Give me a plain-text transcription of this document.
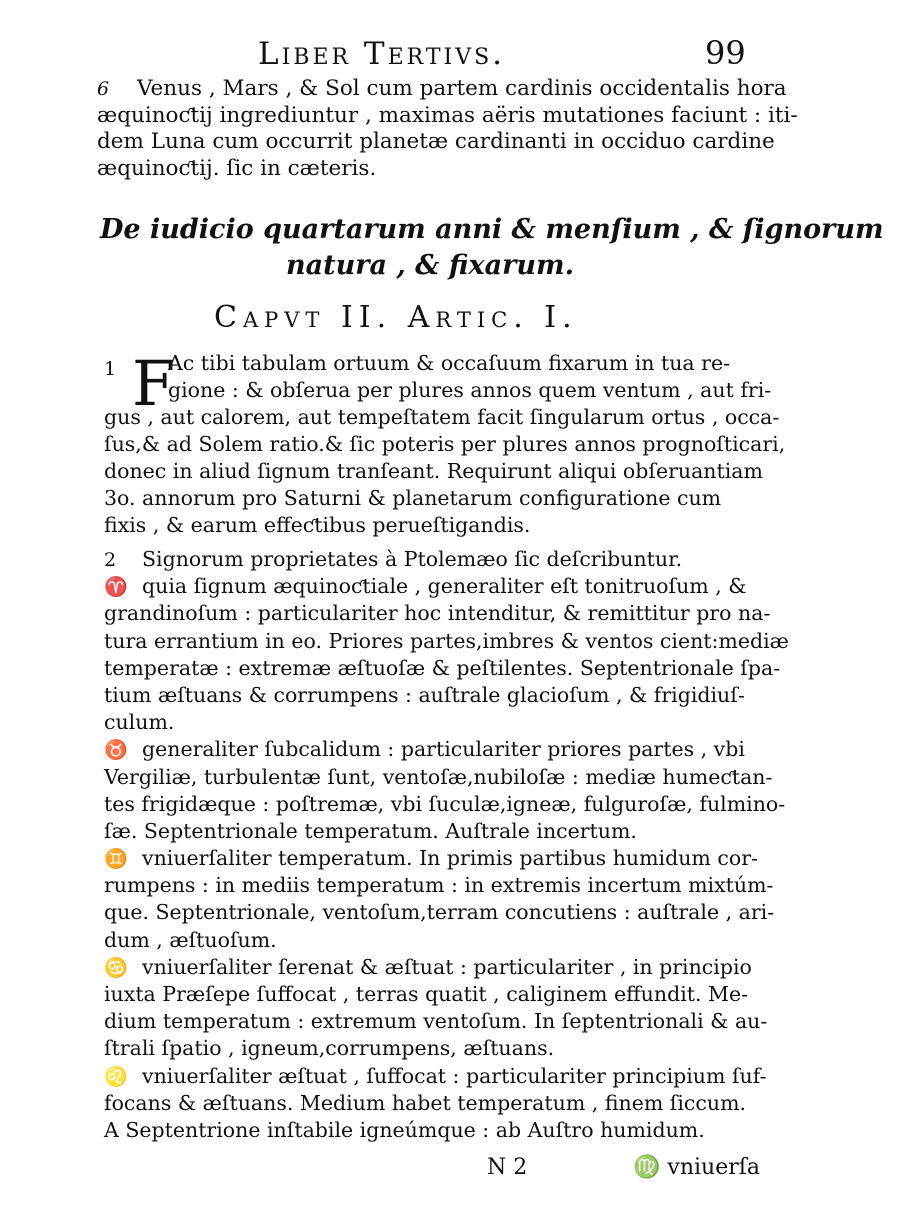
Liber Tertivs.	99
6 Venus , Mars , & Sol cum partem cardinis occidentalis hora
æquinoƈtij ingrediuntur , maximas aëris mutationes faciunt : iti-
dem Luna cum occurrit planetæ cardinanti in occiduo cardine
æquinoƈtij. ſic in cæteris.
De iudicio quartarum anni & menſium , & ſignorum
natura , & fixarum.
Capvt II. Artic. I.
1 F
Ac tibi tabulam ortuum & occaſuum fixarum in tua re-
gione : & obſerua per plures annos quem ventum , aut fri-
gus , aut calorem, aut tempeſtatem facit ſingularum ortus , occa-
ſus,& ad Solem ratio.& ſic poteris per plures annos prognoſticari,
donec in aliud ſignum tranſeant. Requirunt aliqui obſeruantiam
3o. annorum pro Saturni & planetarum configuratione cum
fixis , & earum effeƈtibus perueſtigandis.
2 Signorum proprietates à Ptolemæo ſic deſcribuntur.
♈ quia ſignum æquinoƈtiale , generaliter eſt tonitruoſum , &
grandinoſum : particulariter hoc intenditur, & remittitur pro na-
tura errantium in eo. Priores partes,imbres & ventos cient:mediæ
temperatæ : extremæ æſtuoſæ & peſtilentes. Septentrionale ſpa-
tium æſtuans & corrumpens : auſtrale glacioſum , & frigidiuſ-
culum.
♉ generaliter ſubcalidum : particulariter priores partes , vbi
Vergiliæ, turbulentæ ſunt, ventoſæ,nubiloſæ : mediæ humeƈtan-
tes frigidæque : poſtremæ, vbi ſuculæ,igneæ, fulguroſæ, fulmino-
ſæ. Septentrionale temperatum. Auſtrale incertum.
♊ vniuerſaliter temperatum. In primis partibus humidum cor-
rumpens : in mediis temperatum : in extremis incertum mixtúm-
que. Septentrionale, ventoſum,terram concutiens : auſtrale , ari-
dum , æſtuoſum.
♋ vniuerſaliter ſerenat & æſtuat : particulariter , in principio
iuxta Præſepe ſuffocat , terras quatit , caliginem effundit. Me-
dium temperatum : extremum ventoſum. In ſeptentrionali & au-
ſtrali ſpatio , igneum,corrumpens, æſtuans.
♌ vniuerſaliter æſtuat , ſuffocat : particulariter principium ſuf-
focans & æſtuans. Medium habet temperatum , finem ſiccum.
A Septentrione inſtabile igneúmque : ab Auſtro humidum.
N 2	♍ vniuerſa
